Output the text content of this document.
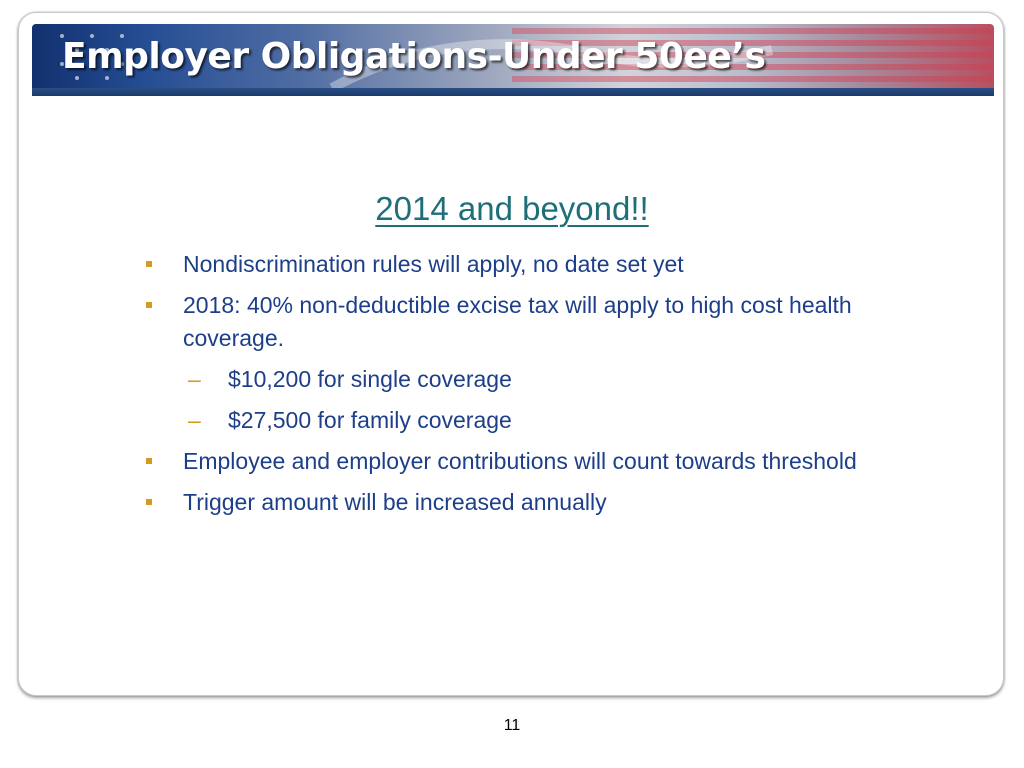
Employer Obligations-Under 50ee’s
2014 and beyond!!
Nondiscrimination rules will apply, no date set yet
2018: 40% non-deductible excise tax will apply to high cost health coverage.
– $10,200 for single coverage
– $27,500 for family coverage
Employee and employer contributions will count towards threshold
Trigger amount will be increased annually
11
